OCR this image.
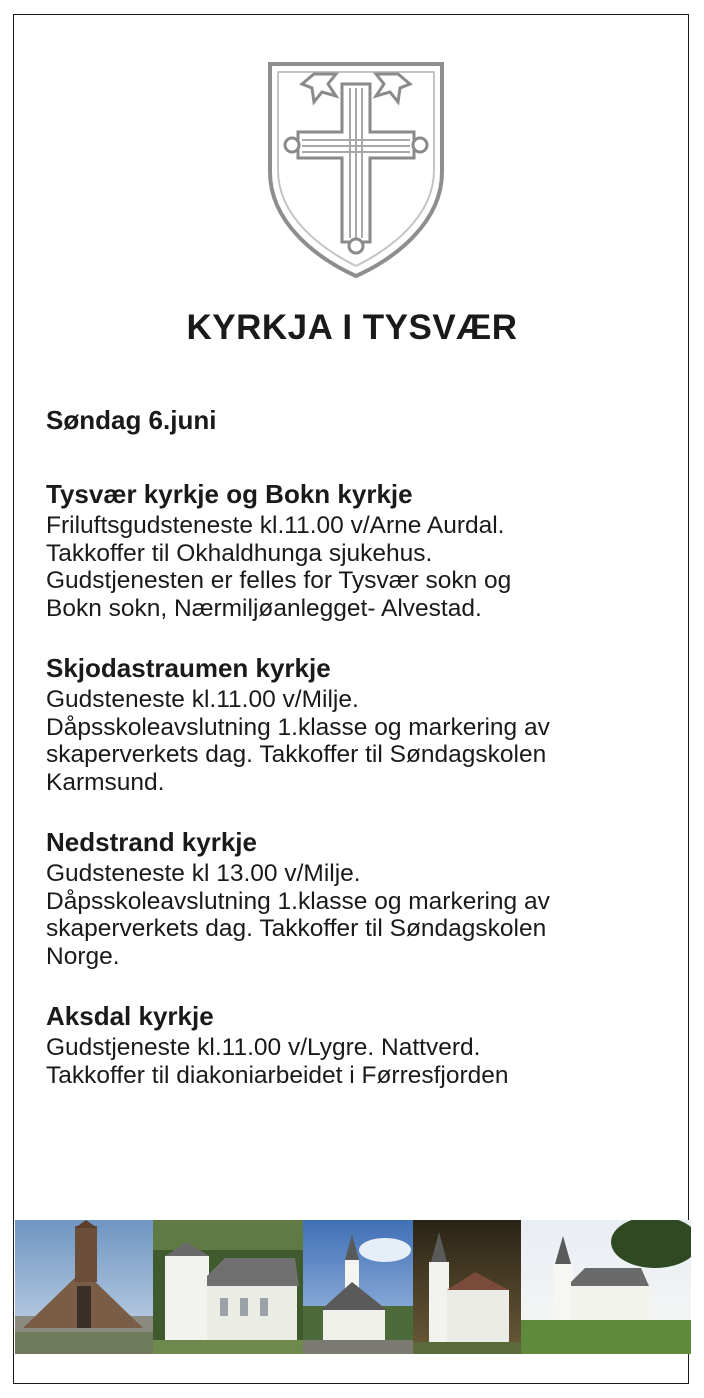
KYRKJA I TYSVÆR
Søndag 6.juni
Tysvær kyrkje og Bokn kyrkje
Friluftsgudsteneste kl.11.00 v/Arne Aurdal.
Takkoffer til Okhaldhunga sjukehus.
Gudstjenesten er felles for Tysvær sokn og
Bokn sokn, Nærmiljøanlegget- Alvestad.
Skjodastraumen kyrkje
Gudsteneste kl.11.00 v/Milje.
Dåpsskoleavslutning 1.klasse og markering av
skaperverkets dag. Takkoffer til Søndagskolen
Karmsund.
Nedstrand kyrkje
Gudsteneste kl 13.00 v/Milje.
Dåpsskoleavslutning 1.klasse og markering av
skaperverkets dag. Takkoffer til Søndagskolen
Norge.
Aksdal kyrkje
Gudstjeneste kl.11.00 v/Lygre. Nattverd.
Takkoffer til diakoniarbeidet i Førresfjorden
